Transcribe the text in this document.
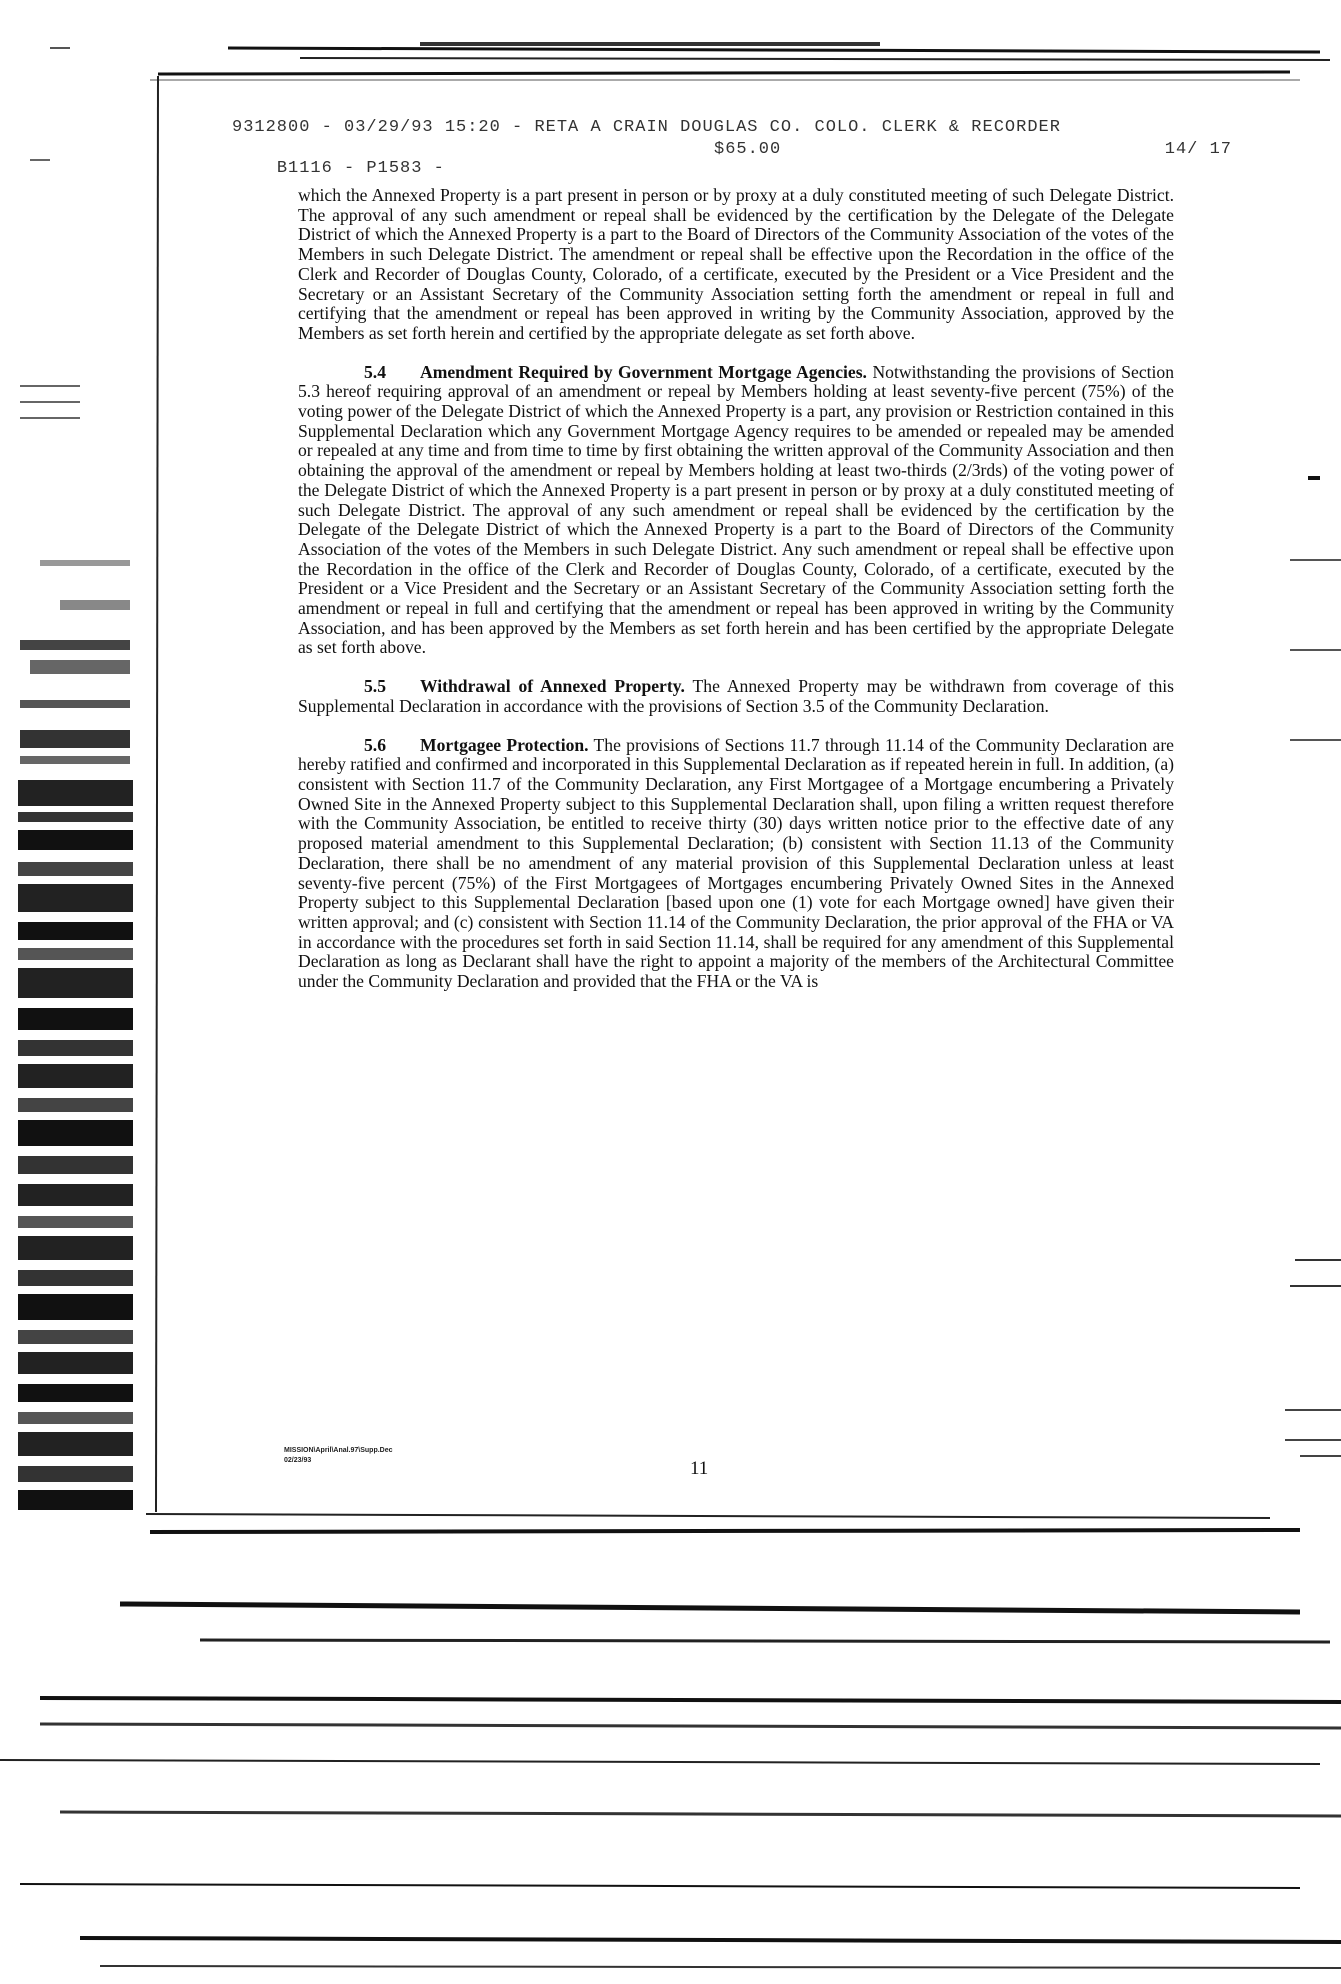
9312800 - 03/29/93 15:20 - RETA A CRAIN DOUGLAS CO. COLO. CLERK & RECORDER

B1116 - P1583 -

$65.00

	14/ 17

which the Annexed Property is a part present in person or by proxy at a duly constituted meeting of such Delegate District. The approval of any such amendment or repeal shall be evidenced by the certification by the Delegate of the Delegate District of which the Annexed Property is a part to the Board of Directors of the Community Association of the votes of the Members in such Delegate District. The amendment or repeal shall be effective upon the Recordation in the office of the Clerk and Recorder of Douglas County, Colorado, of a certificate, executed by the President or a Vice President and the Secretary or an Assistant Secretary of the Community Association setting forth the amendment or repeal in full and certifying that the amendment or repeal has been approved in writing by the Community Association, approved by the Members as set forth herein and certified by the appropriate delegate as set forth above.

5.4 Amendment Required by Government Mortgage Agencies. Notwithstanding the provisions of Section 5.3 hereof requiring approval of an amendment or repeal by Members holding at least seventy-five percent (75%) of the voting power of the Delegate District of which the Annexed Property is a part, any provision or Restriction contained in this Supplemental Declaration which any Government Mortgage Agency requires to be amended or repealed may be amended or repealed at any time and from time to time by first obtaining the written approval of the Community Association and then obtaining the approval of the amendment or repeal by Members holding at least two-thirds (2/3rds) of the voting power of the Delegate District of which the Annexed Property is a part present in person or by proxy at a duly constituted meeting of such Delegate District. The approval of any such amendment or repeal shall be evidenced by the certification by the Delegate of the Delegate District of which the Annexed Property is a part to the Board of Directors of the Community Association of the votes of the Members in such Delegate District. Any such amendment or repeal shall be effective upon the Recordation in the office of the Clerk and Recorder of Douglas County, Colorado, of a certificate, executed by the President or a Vice President and the Secretary or an Assistant Secretary of the Community Association setting forth the amendment or repeal in full and certifying that the amendment or repeal has been approved in writing by the Community Association, and has been approved by the Members as set forth herein and has been certified by the appropriate Delegate as set forth above.

5.5 Withdrawal of Annexed Property. The Annexed Property may be withdrawn from coverage of this Supplemental Declaration in accordance with the provisions of Section 3.5 of the Community Declaration.

5.6 Mortgagee Protection. The provisions of Sections 11.7 through 11.14 of the Community Declaration are hereby ratified and confirmed and incorporated in this Supplemental Declaration as if repeated herein in full. In addition, (a) consistent with Section 11.7 of the Community Declaration, any First Mortgagee of a Mortgage encumbering a Privately Owned Site in the Annexed Property subject to this Supplemental Declaration shall, upon filing a written request therefore with the Community Association, be entitled to receive thirty (30) days written notice prior to the effective date of any proposed material amendment to this Supplemental Declaration; (b) consistent with Section 11.13 of the Community Declaration, there shall be no amendment of any material provision of this Supplemental Declaration unless at least seventy-five percent (75%) of the First Mortgagees of Mortgages encumbering Privately Owned Sites in the Annexed Property subject to this Supplemental Declaration [based upon one (1) vote for each Mortgage owned] have given their written approval; and (c) consistent with Section 11.14 of the Community Declaration, the prior approval of the FHA or VA in accordance with the procedures set forth in said Section 11.14, shall be required for any amendment of this Supplemental Declaration as long as Declarant shall have the right to appoint a majority of the members of the Architectural Committee under the Community Declaration and provided that the FHA or the VA is

MISSION\April\Anal.97\Supp.Dec
02/23/93	11
